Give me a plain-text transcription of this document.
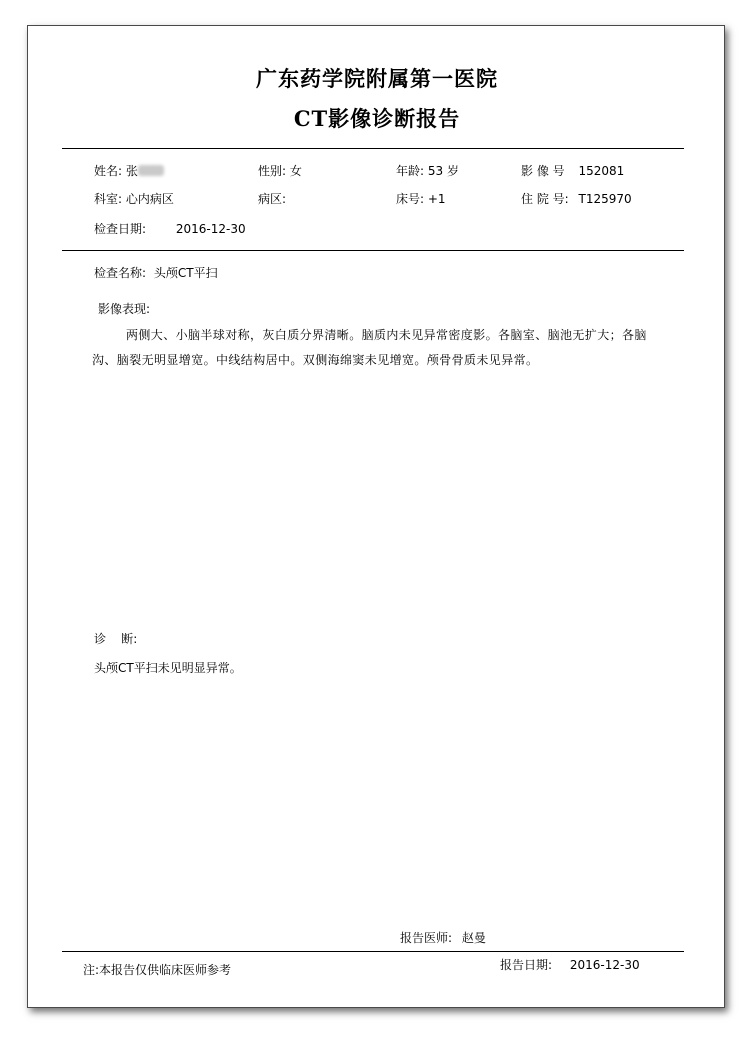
广东药学院附属第一医院
CT影像诊断报告
姓名: 张	性别: 女	年龄: 53 岁	影 像 号 152081
科室: 心内病区	病区:	床号: +1	住 院 号: T125970
检查日期: 2016-12-30
检查名称: 头颅CT平扫
影像表现:
两侧大、小脑半球对称，灰白质分界清晰。脑质内未见异常密度影。各脑室、脑池无扩大；各脑沟、脑裂无明显增宽。中线结构居中。双侧海绵窦未见增宽。颅骨骨质未见异常。
诊    断:
头颅CT平扫未见明显异常。
报告医师: 赵曼
注:本报告仅供临床医师参考	报告日期: 2016-12-30
